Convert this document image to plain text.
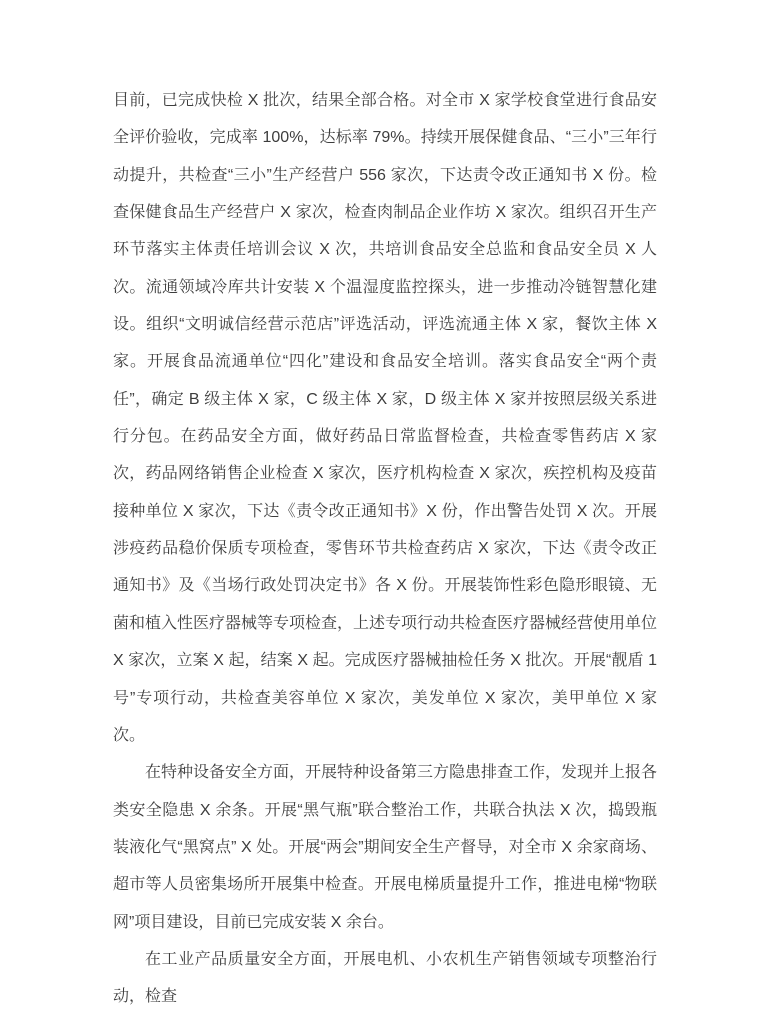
目前，已完成快检 X 批次，结果全部合格。对全市 X 家学校食堂进行食品安全评价验收，完成率 100%，达标率 79%。持续开展保健食品、“三小”三年行动提升，共检查“三小”生产经营户 556 家次，下达责令改正通知书 X 份。检查保健食品生产经营户 X 家次，检查肉制品企业作坊 X 家次。组织召开生产环节落实主体责任培训会议 X 次，共培训食品安全总监和食品安全员 X 人次。流通领域冷库共计安装 X 个温湿度监控探头，进一步推动冷链智慧化建设。组织“文明诚信经营示范店”评选活动，评选流通主体 X 家，餐饮主体 X 家。开展食品流通单位“四化”建设和食品安全培训。落实食品安全“两个责任”，确定 B 级主体 X 家，C 级主体 X 家，D 级主体 X 家并按照层级关系进行分包。在药品安全方面，做好药品日常监督检查，共检查零售药店 X 家次，药品网络销售企业检查 X 家次，医疗机构检查 X 家次，疾控机构及疫苗接种单位 X 家次，下达《责令改正通知书》X 份，作出警告处罚 X 次。开展涉疫药品稳价保质专项检查，零售环节共检查药店 X 家次，下达《责令改正通知书》及《当场行政处罚决定书》各 X 份。开展装饰性彩色隐形眼镜、无菌和植入性医疗器械等专项检查，上述专项行动共检查医疗器械经营使用单位 X 家次，立案 X 起，结案 X 起。完成医疗器械抽检任务 X 批次。开展“靓盾 1 号”专项行动，共检查美容单位 X 家次，美发单位 X 家次，美甲单位 X 家次。

在特种设备安全方面，开展特种设备第三方隐患排查工作，发现并上报各类安全隐患 X 余条。开展“黑气瓶”联合整治工作，共联合执法 X 次，捣毁瓶装液化气“黑窝点” X 处。开展“两会”期间安全生产督导，对全市 X 余家商场、超市等人员密集场所开展集中检查。开展电梯质量提升工作，推进电梯“物联网”项目建设，目前已完成安装 X 余台。

在工业产品质量安全方面，开展电机、小农机生产销售领域专项整治行动，检查
